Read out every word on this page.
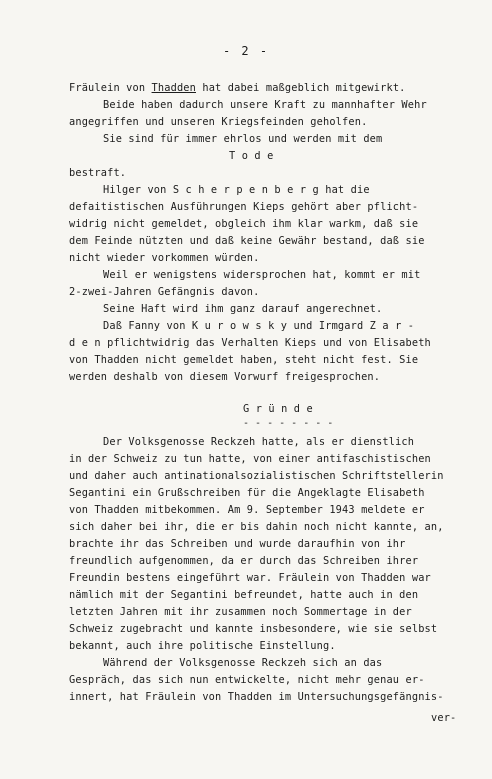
- 2 -
Fräulein von Thadden hat dabei maßgeblich mitgewirkt.
Beide haben dadurch unsere Kraft zu mannhafter Wehr
angegriffen und unseren Kriegsfeinden geholfen.
Sie sind für immer ehrlos und werden mit dem
T o d e
bestraft.
Hilger von S c h e r p e n b e r g hat die
defaitistischen Ausführungen Kieps gehört aber pflicht-
widrig nicht gemeldet, obgleich ihm klar warkm, daß sie
dem Feinde nützten und daß keine Gewähr bestand, daß sie
nicht wieder vorkommen würden.
Weil er wenigstens widersprochen hat, kommt er mit
2-zwei-Jahren Gefängnis davon.
Seine Haft wird ihm ganz darauf angerechnet.
Daß Fanny von K u r o w s k y und Irmgard Z a r -
d e n pflichtwidrig das Verhalten Kieps und von Elisabeth
von Thadden nicht gemeldet haben, steht nicht fest. Sie
werden deshalb von diesem Vorwurf freigesprochen.
G r ü n d e
- - - - - - - -
Der Volksgenosse Reckzeh hatte, als er dienstlich
in der Schweiz zu tun hatte, von einer antifaschistischen
und daher auch antinationalsozialistischen Schriftstellerin
Segantini ein Grußschreiben für die Angeklagte Elisabeth
von Thadden mitbekommen. Am 9. September 1943 meldete er
sich daher bei ihr, die er bis dahin noch nicht kannte, an,
brachte ihr das Schreiben und wurde daraufhin von ihr
freundlich aufgenommen, da er durch das Schreiben ihrer
Freundin bestens eingeführt war. Fräulein von Thadden war
nämlich mit der Segantini befreundet, hatte auch in den
letzten Jahren mit ihr zusammen noch Sommertage in der
Schweiz zugebracht und kannte insbesondere, wie sie selbst
bekannt, auch ihre politische Einstellung.
Während der Volksgenosse Reckzeh sich an das
Gespräch, das sich nun entwickelte, nicht mehr genau er-
innert, hat Fräulein von Thadden im Untersuchungsgefängnis-
ver-
